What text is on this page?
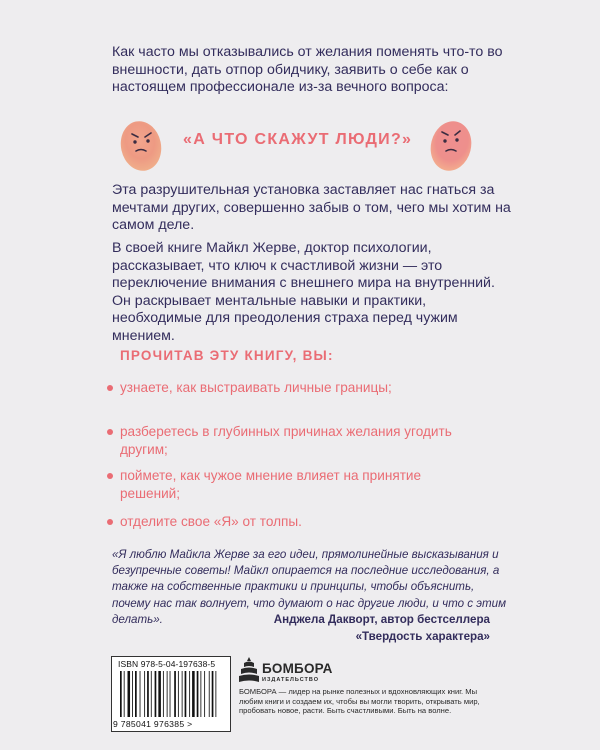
Как часто мы отказывались от желания поменять что-то во внешности, дать отпор обидчику, заявить о себе как о настоящем профессионале из-за вечного вопроса:

«А ЧТО СКАЖУТ ЛЮДИ?»

Эта разрушительная установка заставляет нас гнаться за мечтами других, совершенно забыв о том, чего мы хотим на самом деле.

В своей книге Майкл Жерве, доктор психологии, рассказывает, что ключ к счастливой жизни — это переключение внимания с внешнего мира на внутренний. Он раскрывает ментальные навыки и практики, необходимые для преодоления страха перед чужим мнением.

ПРОЧИТАВ ЭТУ КНИГУ, ВЫ:

узнаете, как выстраивать личные границы;
разберетесь в глубинных причинах желания угодить другим;
поймете, как чужое мнение влияет на принятие решений;
отделите свое «Я» от толпы.

«Я люблю Майкла Жерве за его идеи, прямолинейные высказывания и безупречные советы! Майкл опирается на последние исследования, а также на собственные практики и принципы, чтобы объяснить, почему нас так волнует, что думают о нас другие люди, и что с этим делать».	Анджела Дакворт, автор бестселлера
«Твердость характера»

ISBN 978-5-04-197638-5
9 785041 976385 >
БОМБОРА
ИЗДАТЕЛЬСТВО

БОМБОРА — лидер на рынке полезных и вдохновляющих книг. Мы любим книги и создаем их, чтобы вы могли творить, открывать мир, пробовать новое, расти. Быть счастливыми. Быть на волне.
